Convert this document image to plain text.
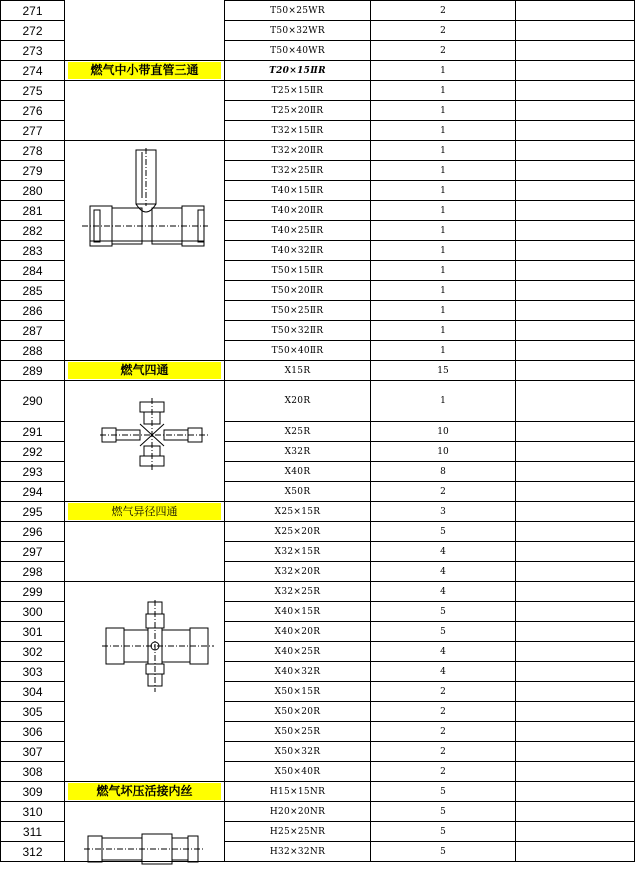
271		T50×25WR	2	
272		T50×32WR	2	
273		T50×40WR	2	
274	燃气中小带直管三通	T20×15ⅡR	1	
275		T25×15ⅡR	1	
276		T25×20ⅡR	1	
277		T32×15ⅡR	1	
278		T32×20ⅡR	1	
279		T32×25ⅡR	1	
280		T40×15ⅡR	1	
281		T40×20ⅡR	1	
282		T40×25ⅡR	1	
283		T40×32ⅡR	1	
284		T50×15ⅡR	1	
285		T50×20ⅡR	1	
286		T50×25ⅡR	1	
287		T50×32ⅡR	1	
288		T50×40ⅡR	1	
289	燃气四通	X15R	15	
290		X20R	1	
291		X25R	10	
292		X32R	10	
293		X40R	8	
294		X50R	2	
295	燃气异径四通	X25×15R	3	
296		X25×20R	5	
297		X32×15R	4	
298		X32×20R	4	
299		X32×25R	4	
300		X40×15R	5	
301		X40×20R	5	
302		X40×25R	4	
303		X40×32R	4	
304		X50×15R	2	
305		X50×20R	2	
306		X50×25R	2	
307		X50×32R	2	
308		X50×40R	2	
309	燃气坏压活接内丝	H15×15NR	5	
310		H20×20NR	5	
311		H25×25NR	5	
312		H32×32NR	5	
